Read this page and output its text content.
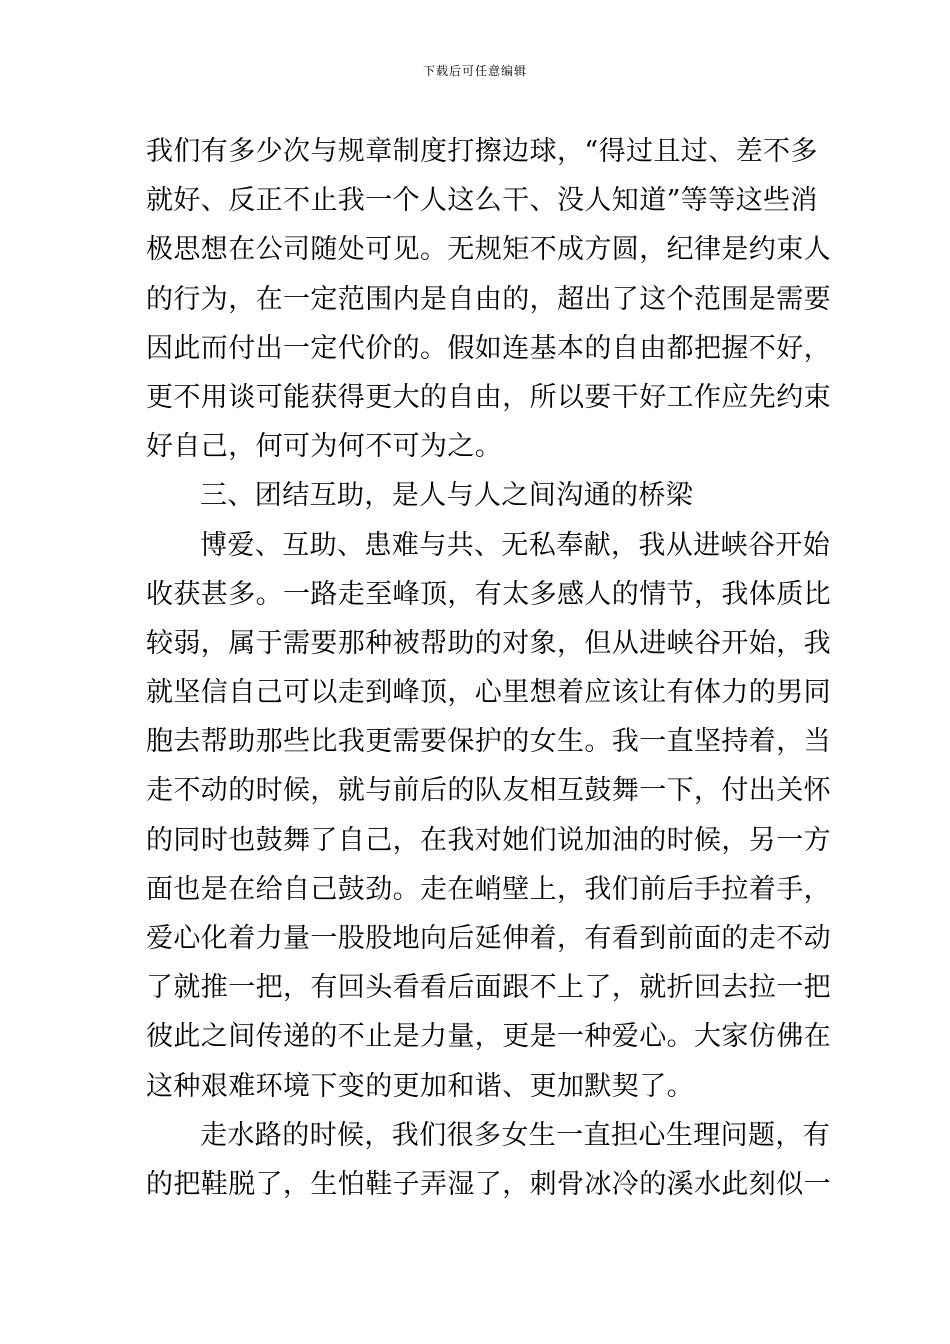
下载后可任意编辑
我们有多少次与规章制度打擦边球，“得过且过、差不多
就好、反正不止我一个人这么干、没人知道”等等这些消
极思想在公司随处可见。无规矩不成方圆，纪律是约束人
的行为，在一定范围内是自由的，超出了这个范围是需要
因此而付出一定代价的。假如连基本的自由都把握不好，
更不用谈可能获得更大的自由，所以要干好工作应先约束
好自己，何可为何不可为之。
三、团结互助，是人与人之间沟通的桥梁
博爱、互助、患难与共、无私奉献，我从进峡谷开始
收获甚多。一路走至峰顶，有太多感人的情节，我体质比
较弱，属于需要那种被帮助的对象，但从进峡谷开始，我
就坚信自己可以走到峰顶，心里想着应该让有体力的男同
胞去帮助那些比我更需要保护的女生。我一直坚持着，当
走不动的时候，就与前后的队友相互鼓舞一下，付出关怀
的同时也鼓舞了自己，在我对她们说加油的时候，另一方
面也是在给自己鼓劲。走在峭壁上，我们前后手拉着手，
爱心化着力量一股股地向后延伸着，有看到前面的走不动
了就推一把，有回头看看后面跟不上了，就折回去拉一把
彼此之间传递的不止是力量，更是一种爱心。大家仿佛在
这种艰难环境下变的更加和谐、更加默契了。
走水路的时候，我们很多女生一直担心生理问题，有
的把鞋脱了，生怕鞋子弄湿了，刺骨冰冷的溪水此刻似一
